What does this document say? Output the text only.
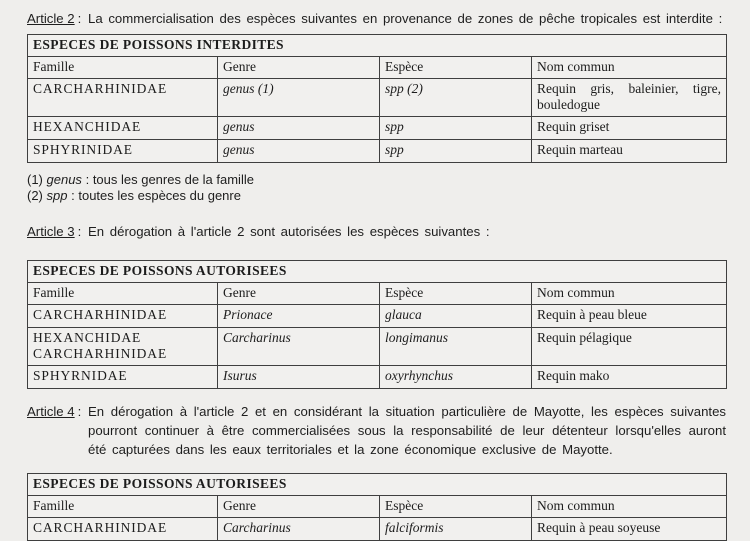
Article 2 : La commercialisation des espèces suivantes en provenance de zones de pêche tropicales est interdite :
ESPECES DE POISSONS INTERDITES			
Famille	Genre	Espèce	Nom commun
CARCHARHINIDAE	genus (1)	spp (2)	Requin gris, baleinier, tigre, bouledogue
HEXANCHIDAE	genus	spp	Requin griset
SPHYRINIDAE	genus	spp	Requin marteau
(1) genus : tous les genres de la famille
(2) spp : toutes les espèces du genre
Article 3 : En dérogation à l'article 2 sont autorisées les espèces suivantes :
ESPECES DE POISSONS AUTORISEES			
Famille	Genre	Espèce	Nom commun
CARCHARHINIDAE	Prionace	glauca	Requin à peau bleue
HEXANCHIDAE CARCHARHINIDAE	Carcharinus	longimanus	Requin pélagique
SPHYRNIDAE	Isurus	oxyrhynchus	Requin mako
Article 4 : En dérogation à l'article 2 et en considérant la situation particulière de Mayotte, les espèces suivantes pourront continuer à être commercialisées sous la responsabilité de leur détenteur lorsqu'elles auront été capturées dans les eaux territoriales et la zone économique exclusive de Mayotte.
ESPECES DE POISSONS AUTORISEES			
Famille	Genre	Espèce	Nom commun
CARCHARHINIDAE	Carcharinus	falciformis	Requin à peau soyeuse
